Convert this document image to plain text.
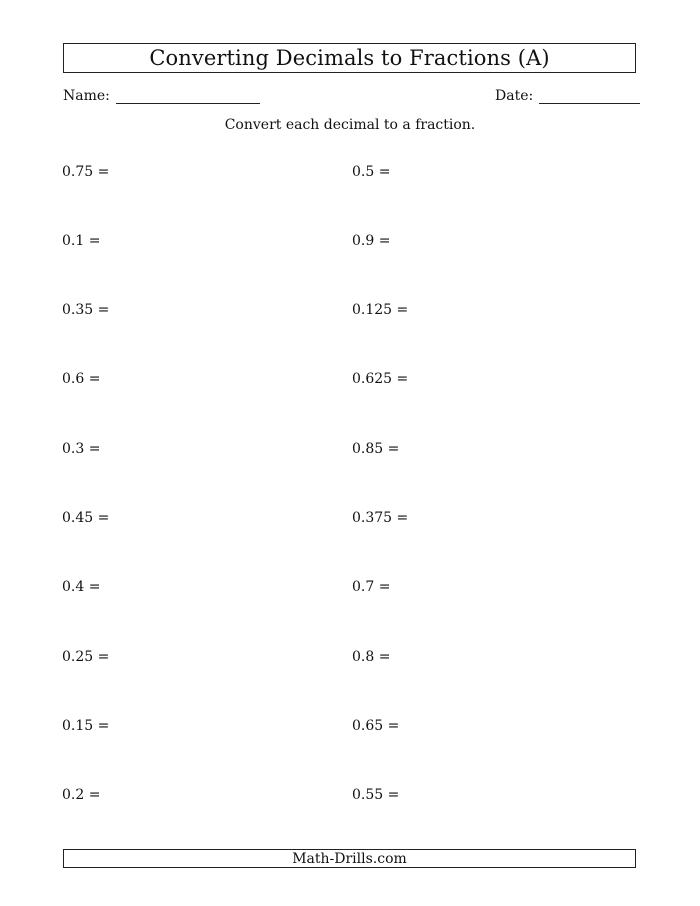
Converting Decimals to Fractions (A)
Name:	Date:
Convert each decimal to a fraction.
0.75 =
0.1 =
0.35 =
0.6 =
0.3 =
0.45 =
0.4 =
0.25 =
0.15 =
0.2 =
0.5 =
0.9 =
0.125 =
0.625 =
0.85 =
0.375 =
0.7 =
0.8 =
0.65 =
0.55 =
Math-Drills.com
